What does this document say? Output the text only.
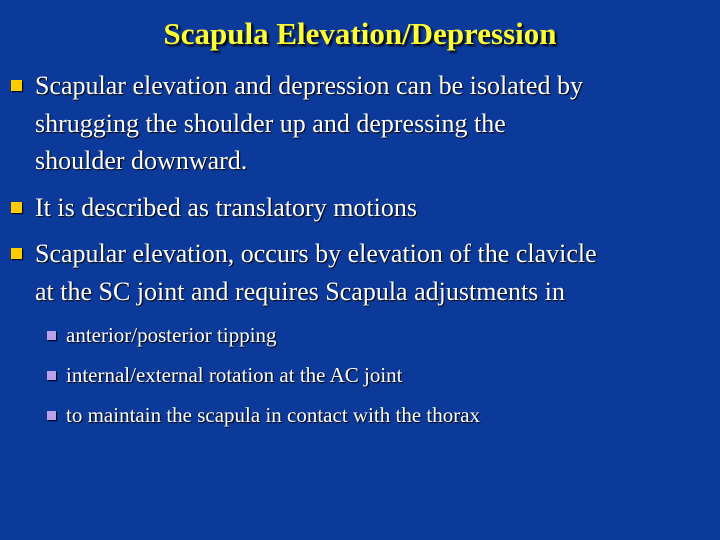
Scapula Elevation/Depression
Scapular elevation and depression can be isolated by
shrugging the shoulder up and depressing the
shoulder downward.
It is described as translatory motions
Scapular elevation, occurs by elevation of the clavicle
at the SC joint and requires Scapula adjustments in
anterior/posterior tipping
internal/external rotation at the AC joint
to maintain the scapula in contact with the thorax
